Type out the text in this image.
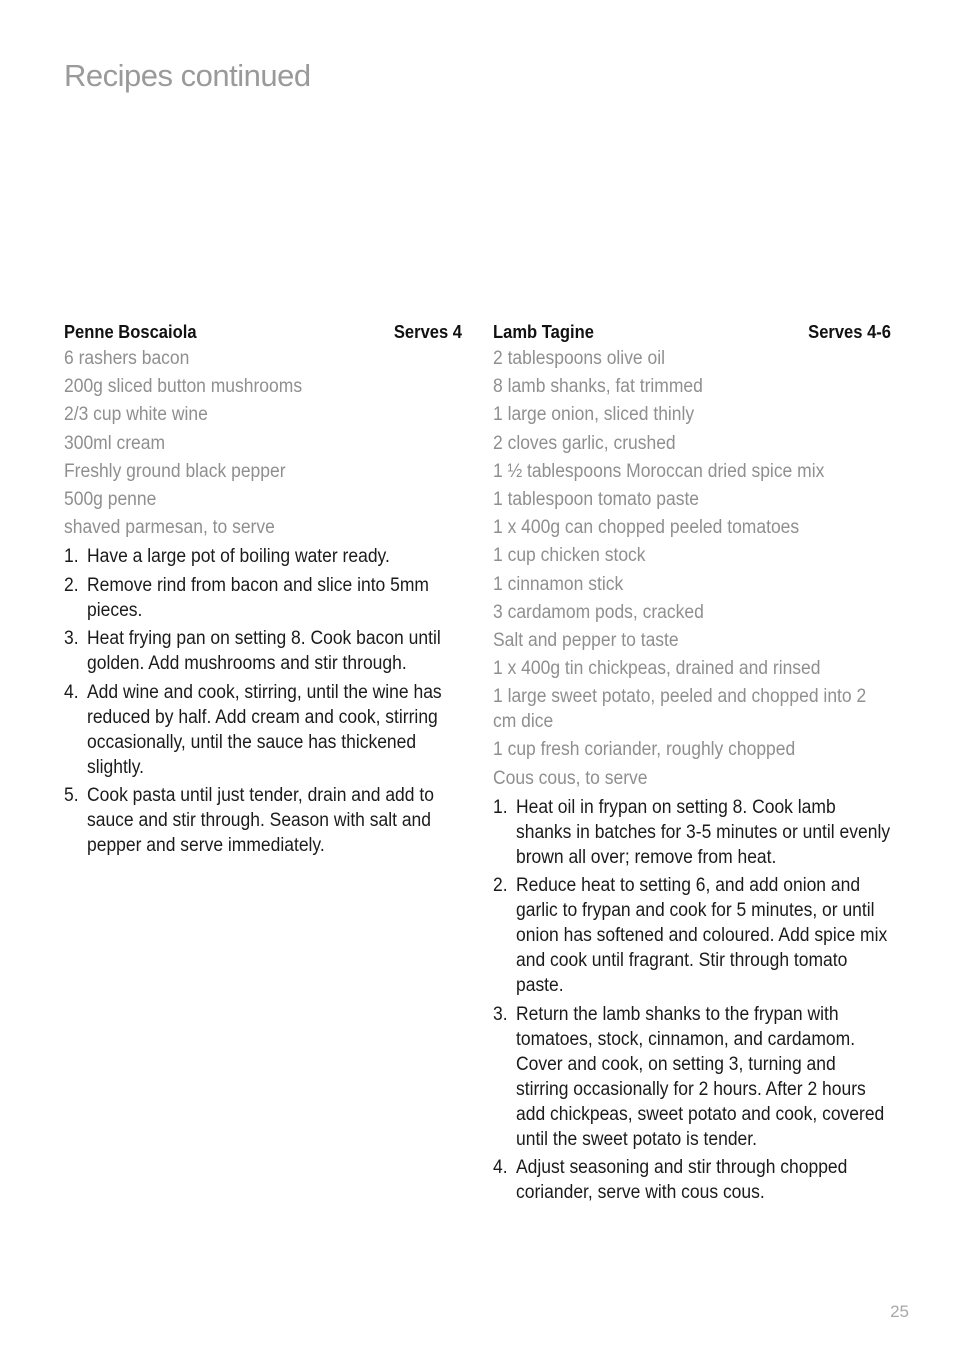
Recipes continued
Penne Boscaiola	Serves 4
6 rashers bacon
200g sliced button mushrooms
2/3 cup white wine
300ml cream
Freshly ground black pepper
500g penne
shaved parmesan, to serve
1. Have a large pot of boiling water ready.
2. Remove rind from bacon and slice into 5mm pieces.
3. Heat frying pan on setting 8. Cook bacon until golden. Add mushrooms and stir through.
4. Add wine and cook, stirring, until the wine has reduced by half. Add cream and cook, stirring occasionally, until the sauce has thickened slightly.
5. Cook pasta until just tender, drain and add to sauce and stir through. Season with salt and pepper and serve immediately.
Lamb Tagine	Serves 4-6
2 tablespoons olive oil
8 lamb shanks, fat trimmed
1 large onion, sliced thinly
2 cloves garlic, crushed
1 ½ tablespoons Moroccan dried spice mix
1 tablespoon tomato paste
1 x 400g can chopped peeled tomatoes
1 cup chicken stock
1 cinnamon stick
3 cardamom pods, cracked
Salt and pepper to taste
1 x 400g tin chickpeas, drained and rinsed
1 large sweet potato, peeled and chopped into 2 cm dice
1 cup fresh coriander, roughly chopped
Cous cous, to serve
1. Heat oil in frypan on setting 8. Cook lamb shanks in batches for 3-5 minutes or until evenly brown all over; remove from heat.
2. Reduce heat to setting 6, and add onion and garlic to frypan and cook for 5 minutes, or until onion has softened and coloured. Add spice mix and cook until fragrant. Stir through tomato paste.
3. Return the lamb shanks to the frypan with tomatoes, stock, cinnamon, and cardamom. Cover and cook, on setting 3, turning and stirring occasionally for 2 hours. After 2 hours add chickpeas, sweet potato and cook, covered until the sweet potato is tender.
4. Adjust seasoning and stir through chopped coriander, serve with cous cous.
25
